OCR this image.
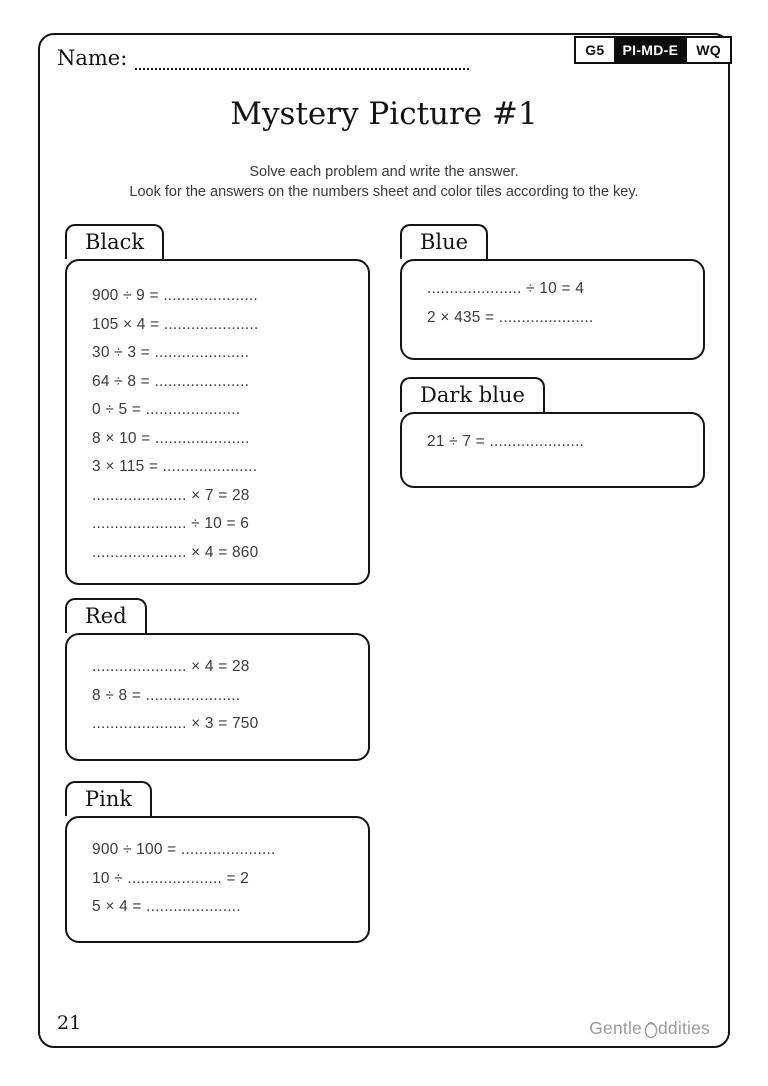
G5	PI-MD-E	WQ
Name:
Mystery Picture #1
Solve each problem and write the answer.
Look for the answers on the numbers sheet and color tiles according to the key.
Black
900 ÷ 9 = .....................
105 × 4 = .....................
30 ÷ 3 = .....................
64 ÷ 8 = .....................
0 ÷ 5 = .....................
8 × 10 = .....................
3 × 115 = .....................
..................... × 7 = 28
..................... ÷ 10 = 6
..................... × 4 = 860
Blue
..................... ÷ 10 = 4
2 × 435 = .....................
Dark blue
21 ÷ 7 = .....................
Red
..................... × 4 = 28
8 ÷ 8 = .....................
..................... × 3 = 750
Pink
900 ÷ 100 = .....................
10 ÷ ..................... = 2
5 × 4 = .....................
21	Gentle ddities
